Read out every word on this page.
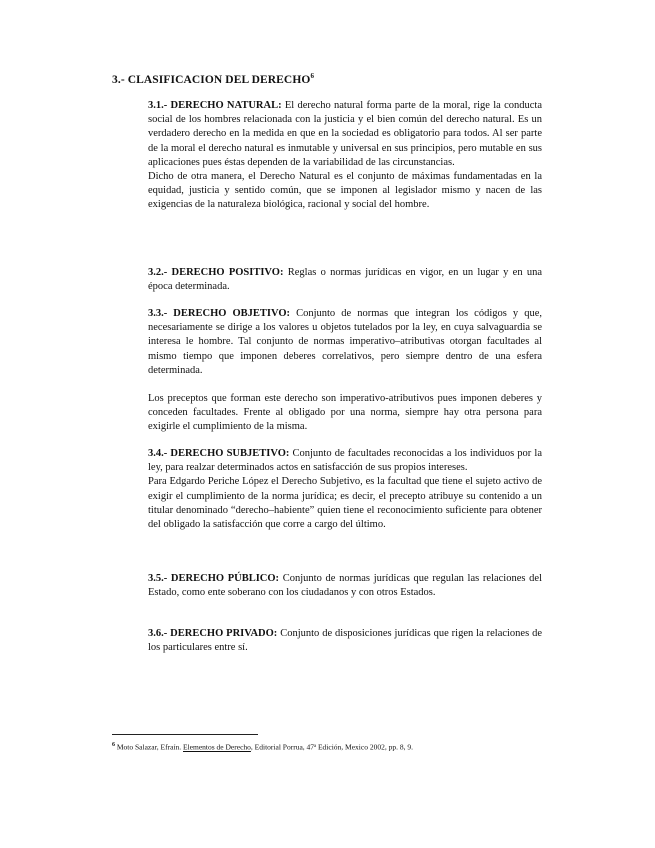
3.- CLASIFICACION DEL DERECHO$^6$

3.1.- DERECHO NATURAL: El derecho natural forma parte de la moral, rige la conducta social de los hombres relacionada con la justicia y el bien común del derecho natural. Es un verdadero derecho en la medida en que en la sociedad es obligatorio para todos. Al ser parte de la moral el derecho natural es inmutable y universal en sus principios, pero mutable en sus aplicaciones pues éstas dependen de la variabilidad de las circunstancias.

Dicho de otra manera, el Derecho Natural es el conjunto de máximas fundamentadas en la equidad, justicia y sentido común, que se imponen al legislador mismo y nacen de las exigencias de la naturaleza biológica, racional y social del hombre.

3.2.- DERECHO POSITIVO: Reglas o normas jurídicas en vigor, en un lugar y en una época determinada.

3.3.- DERECHO OBJETIVO: Conjunto de normas que integran los códigos y que, necesariamente se dirige a los valores u objetos tutelados por la ley, en cuya salvaguardia se interesa le hombre. Tal conjunto de normas imperativo–atributivas otorgan facultades al mismo tiempo que imponen deberes correlativos, pero siempre dentro de una esfera determinada.

Los preceptos que forman este derecho son imperativo-atributivos pues imponen deberes y conceden facultades. Frente al obligado por una norma, siempre hay otra persona para exigirle el cumplimiento de la misma.

3.4.- DERECHO SUBJETIVO: Conjunto de facultades reconocidas a los individuos por la ley, para realzar determinados actos en satisfacción de sus propios intereses.

Para Edgardo Periche López el Derecho Subjetivo, es la facultad que tiene el sujeto activo de exigir el cumplimiento de la norma jurídica; es decir, el precepto atribuye su contenido a un titular denominado “derecho–habiente” quien tiene el reconocimiento suficiente para obtener del obligado la satisfacción que corre a cargo del último.

3.5.- DERECHO PÚBLICO: Conjunto de normas jurídicas que regulan las relaciones del Estado, como ente soberano con los ciudadanos y con otros Estados.

3.6.- DERECHO PRIVADO: Conjunto de disposiciones jurídicas que rigen la relaciones de los particulares entre sí.

$^6$ Moto Salazar, Efraín. Elementos de Derecho, Editorial Porrua, 47ª Edición, Mexico 2002, pp. 8, 9.
